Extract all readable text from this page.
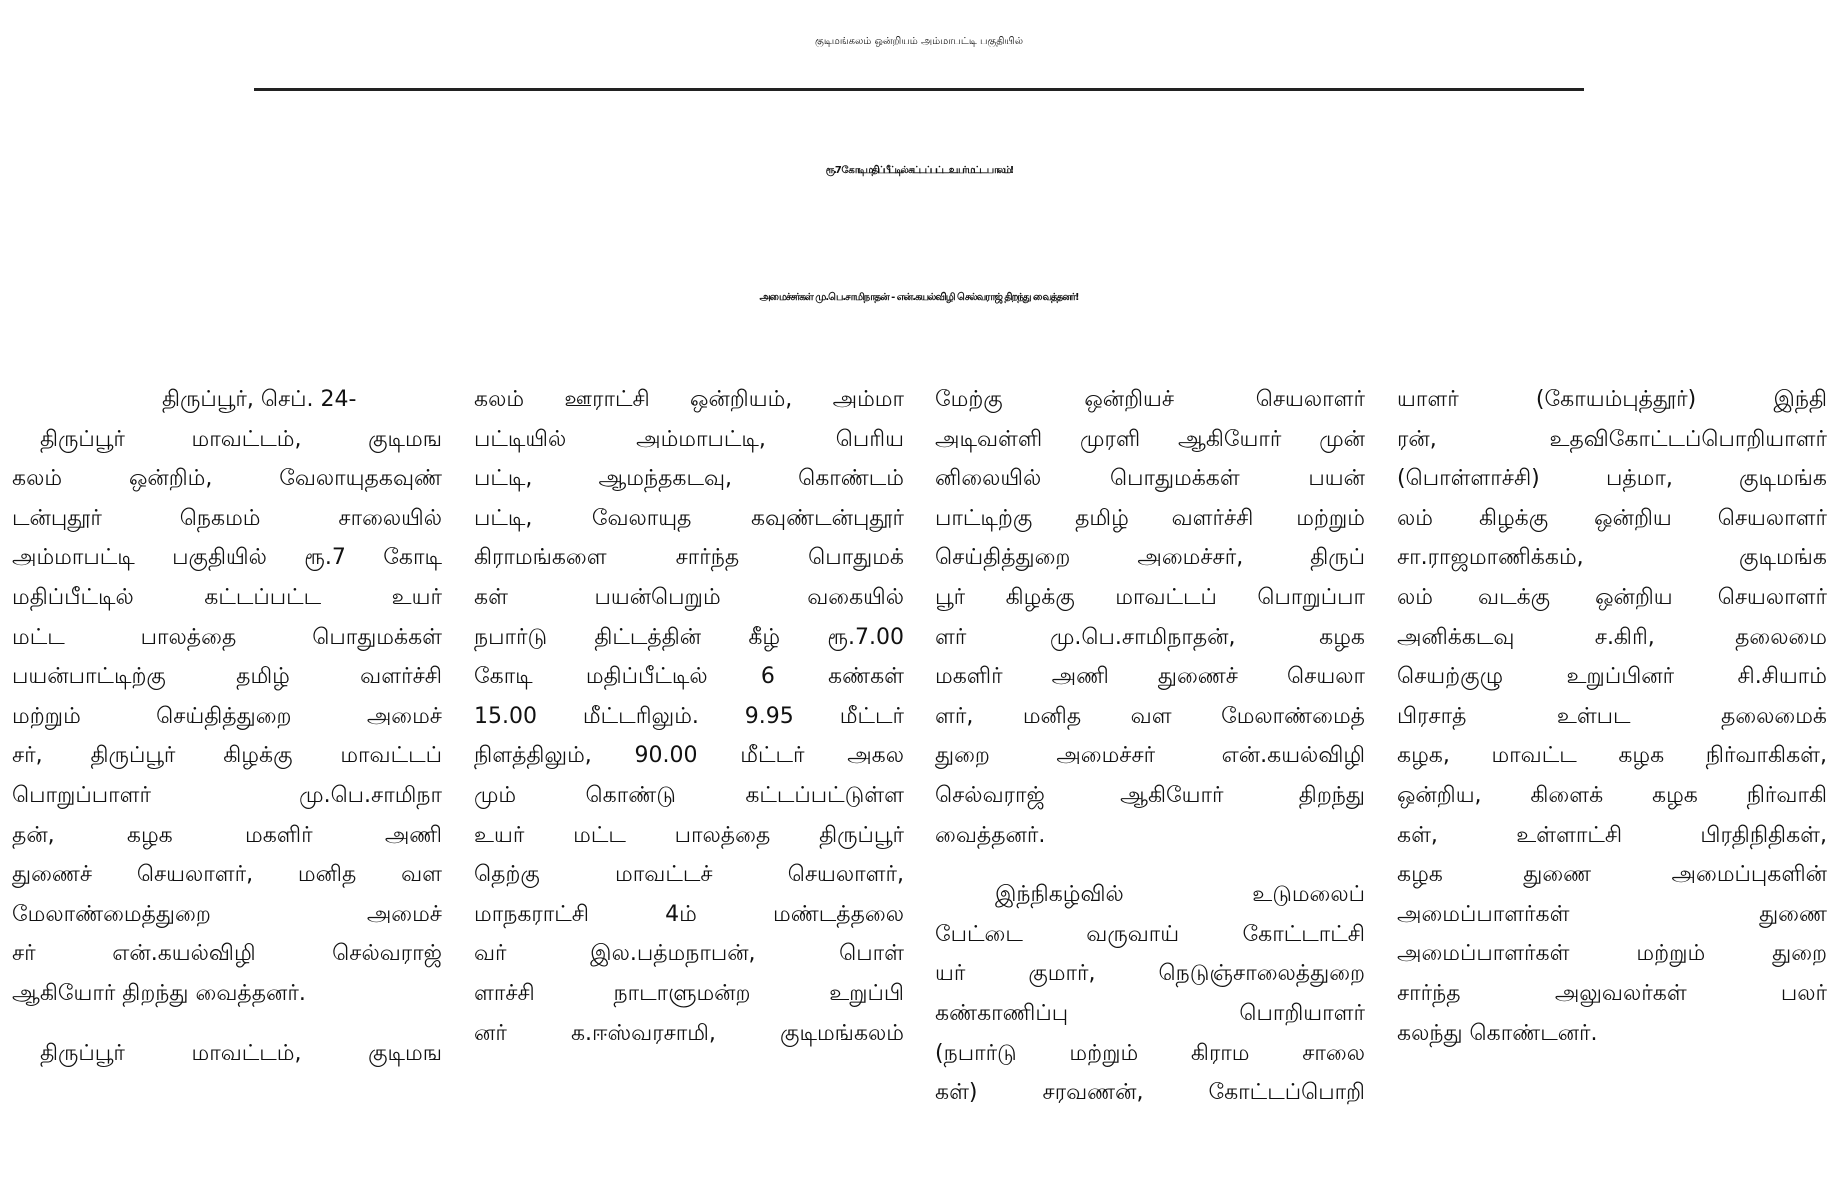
குடிமங்கலம் ஒன்றியம் அம்மாபட்டி பகுதியில்
ரூ.7 கோடி மதிப்பீட்டில் கட்டப்பட்ட உயர் மட்ட பாலம்!
அமைச்சர்கள் மு.பெ.சாமிநாதன் - என்.கயல்விழி செல்வராஜ் திறந்து வைத்தனர்!
திருப்பூர், செப். 24-
திருப்பூர் மாவட்டம், குடிமங
கலம் ஒன்றிம், வேலாயுதகவுண்
டன்புதூர் நெகமம் சாலையில்
அம்மாபட்டி பகுதியில் ரூ.7 கோடி
மதிப்பீட்டில் கட்டப்பட்ட உயர்
மட்ட பாலத்தை பொதுமக்கள்
பயன்பாட்டிற்கு தமிழ் வளர்ச்சி
மற்றும் செய்தித்துறை அமைச்
சர், திருப்பூர் கிழக்கு மாவட்டப்
பொறுப்பாளர் மு.பெ.சாமிநா
தன், கழக மகளிர் அணி
துணைச் செயலாளர், மனித வள
மேலாண்மைத்துறை அமைச்
சர் என்.கயல்விழி செல்வராஜ்
ஆகியோர் திறந்து வைத்தனர்.
திருப்பூர் மாவட்டம், குடிமங
கலம் ஊராட்சி ஒன்றியம், அம்மா
பட்டியில் அம்மாபட்டி, பெரிய
பட்டி, ஆமந்தகடவு, கொண்டம்
பட்டி, வேலாயுத கவுண்டன்புதூர்
கிராமங்களை சார்ந்த பொதுமக்
கள் பயன்பெறும் வகையில்
நபார்டு திட்டத்தின் கீழ் ரூ.7.00
கோடி மதிப்பீட்டில் 6 கண்கள்
15.00 மீட்டரிலும். 9.95 மீட்டர்
நிளத்திலும், 90.00 மீட்டர் அகல
மும் கொண்டு கட்டப்பட்டுள்ள
உயர் மட்ட பாலத்தை திருப்பூர்
தெற்கு மாவட்டச் செயலாளர்,
மாநகராட்சி 4ம் மண்டத்தலை
வர் இல.பத்மநாபன், பொள்
ளாச்சி நாடாளுமன்ற உறுப்பி
னர் க.ஈஸ்வரசாமி, குடிமங்கலம்
மேற்கு ஒன்றியச் செயலாளர்
அடிவள்ளி முரளி ஆகியோர் முன்
னிலையில் பொதுமக்கள் பயன்
பாட்டிற்கு தமிழ் வளர்ச்சி மற்றும்
செய்தித்துறை அமைச்சர், திருப்
பூர் கிழக்கு மாவட்டப் பொறுப்பா
ளர் மு.பெ.சாமிநாதன், கழக
மகளிர் அணி துணைச் செயலா
ளர், மனித வள மேலாண்மைத்
துறை அமைச்சர் என்.கயல்விழி
செல்வராஜ் ஆகியோர் திறந்து
வைத்தனர்.
இந்நிகழ்வில் உடுமலைப்
பேட்டை வருவாய் கோட்டாட்சி
யர் குமார், நெடுஞ்சாலைத்துறை
கண்காணிப்பு பொறியாளர்
(நபார்டு மற்றும் கிராம சாலை
கள்) சரவணன், கோட்டப்பொறி
யாளர் (கோயம்புத்தூர்) இந்தி
ரன், உதவிகோட்டப்பொறியாளர்
(பொள்ளாச்சி) பத்மா, குடிமங்க
லம் கிழக்கு ஒன்றிய செயலாளர்
சா.ராஜமாணிக்கம், குடிமங்க
லம் வடக்கு ஒன்றிய செயலாளர்
அனிக்கடவு ச.கிரி, தலைமை
செயற்குழு உறுப்பினர் சி.சியாம்
பிரசாத் உள்பட தலைமைக்
கழக, மாவட்ட கழக நிர்வாகிகள்,
ஒன்றிய, கிளைக் கழக நிர்வாகி
கள், உள்ளாட்சி பிரதிநிதிகள்,
கழக துணை அமைப்புகளின்
அமைப்பாளர்கள் துணை
அமைப்பாளர்கள் மற்றும் துறை
சார்ந்த அலுவலர்கள் பலர்
கலந்து கொண்டனர்.
